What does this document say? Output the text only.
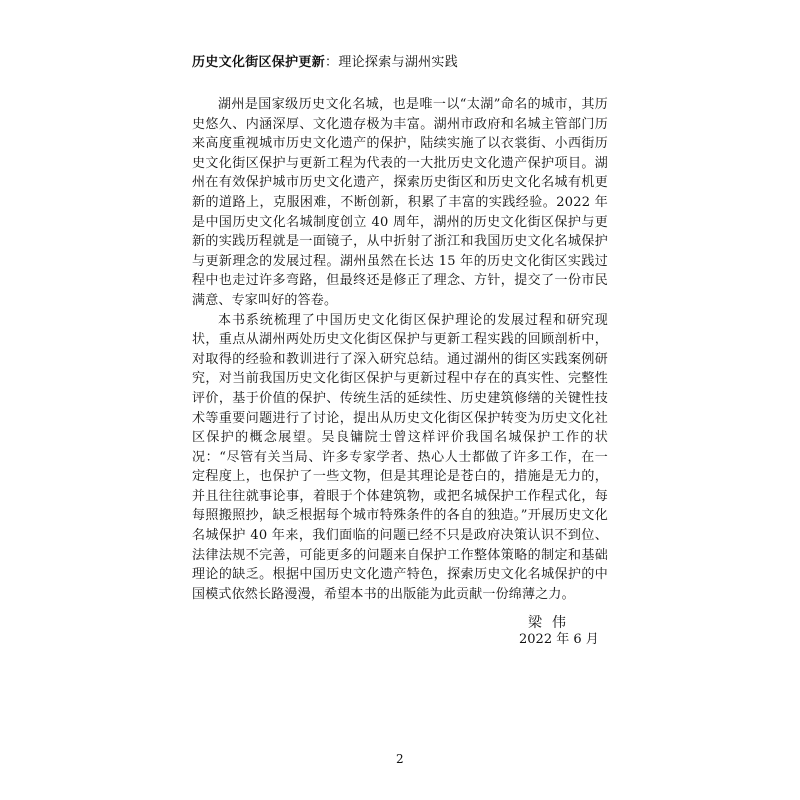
历史文化街区保护更新：理论探索与湖州实践

湖州是国家级历史文化名城，也是唯一以“太湖”命名的城市，其历史悠久、内涵深厚、文化遗存极为丰富。湖州市政府和名城主管部门历来高度重视城市历史文化遗产的保护，陆续实施了以衣裳街、小西街历史文化街区保护与更新工程为代表的一大批历史文化遗产保护项目。湖州在有效保护城市历史文化遗产，探索历史街区和历史文化名城有机更新的道路上，克服困难，不断创新，积累了丰富的实践经验。2022 年是中国历史文化名城制度创立 40 周年，湖州的历史文化街区保护与更新的实践历程就是一面镜子，从中折射了浙江和我国历史文化名城保护与更新理念的发展过程。湖州虽然在长达 15 年的历史文化街区实践过程中也走过许多弯路，但最终还是修正了理念、方针，提交了一份市民满意、专家叫好的答卷。

本书系统梳理了中国历史文化街区保护理论的发展过程和研究现状，重点从湖州两处历史文化街区保护与更新工程实践的回顾剖析中，对取得的经验和教训进行了深入研究总结。通过湖州的街区实践案例研究，对当前我国历史文化街区保护与更新过程中存在的真实性、完整性评价，基于价值的保护、传统生活的延续性、历史建筑修缮的关键性技术等重要问题进行了讨论，提出从历史文化街区保护转变为历史文化社区保护的概念展望。吴良镛院士曾这样评价我国名城保护工作的状况：“尽管有关当局、许多专家学者、热心人士都做了许多工作，在一定程度上，也保护了一些文物，但是其理论是苍白的，措施是无力的，并且往往就事论事，着眼于个体建筑物，或把名城保护工作程式化，每每照搬照抄，缺乏根据每个城市特殊条件的各自的独造。”开展历史文化名城保护 40 年来，我们面临的问题已经不只是政府决策认识不到位、法律法规不完善，可能更多的问题来自保护工作整体策略的制定和基础理论的缺乏。根据中国历史文化遗产特色，探索历史文化名城保护的中国模式依然长路漫漫，希望本书的出版能为此贡献一份绵薄之力。

梁伟
2022 年 6 月
2
